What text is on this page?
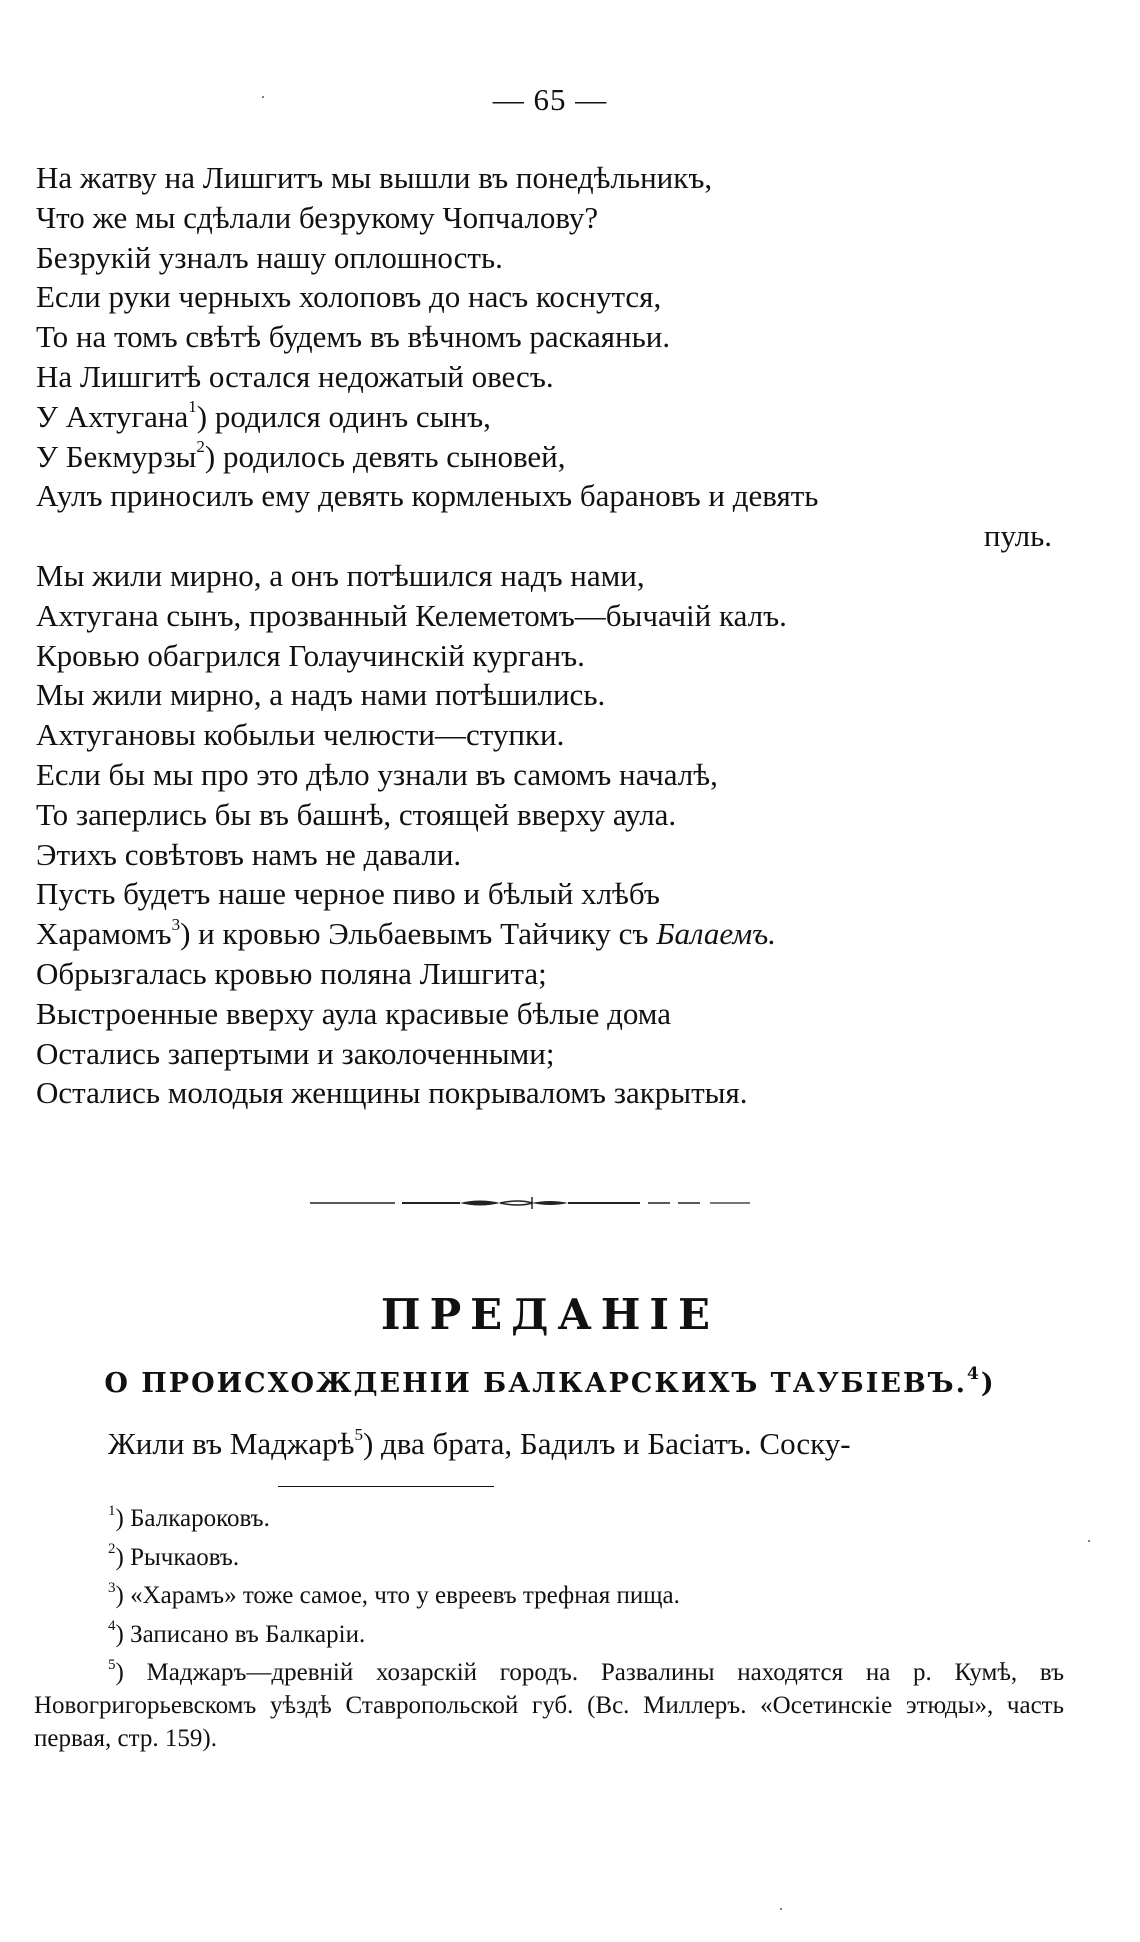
— 65 —
На жатву на Лишгитъ мы вышли въ понедѣльникъ,
Что же мы сдѣлали безрукому Чопчалову?
Безрукій узналъ нашу оплошность.
Если руки черныхъ холоповъ до насъ коснутся,
То на томъ свѣтѣ будемъ въ вѣчномъ раскаяньи.
На Лишгитѣ остался недожатый овесъ.
У Ахтугана$^1$) родился одинъ сынъ,
У Бекмурзы$^2$) родилось девять сыновей,
Аулъ приносилъ ему девять кормленыхъ барановъ и девять
пуль.
Мы жили мирно, а онъ потѣшился надъ нами,
Ахтугана сынъ, прозванный Келеметомъ—бычачій калъ.
Кровью обагрился Голаучинскій курганъ.
Мы жили мирно, а надъ нами потѣшились.
Ахтугановы кобыльи челюсти—ступки.
Если бы мы про это дѣло узнали въ самомъ началѣ,
То заперлись бы въ башнѣ, стоящей вверху аула.
Этихъ совѣтовъ намъ не давали.
Пусть будетъ наше черное пиво и бѣлый хлѣбъ
Харамомъ$^3$) и кровью Эльбаевымъ Тайчику съ Балаемъ.
Обрызгалась кровью поляна Лишгита;
Выстроенные вверху аула красивые бѣлые дома
Остались запертыми и заколоченными;
Остались молодыя женщины покрываломъ закрытыя.
ПРЕДАНІЕ
О ПРОИСХОЖДЕНІИ БАЛКАРСКИХЪ ТАУБІЕВЪ.$^4$)
Жили въ Маджарѣ$^5$) два брата, Бадилъ и Басіатъ. Соску-
$^1$) Балкароковъ.
$^2$) Рычкаовъ.
$^3$) «Харамъ» тоже самое, что у евреевъ трефная пища.
$^4$) Записано въ Балкаріи.
$^5$) Маджаръ—древній хозарскій городъ. Развалины находятся на р. Кумѣ, въ Новогригорьевскомъ уѣздѣ Ставропольской губ. (Вс. Миллеръ. «Осетинскіе этюды», часть первая, стр. 159).
